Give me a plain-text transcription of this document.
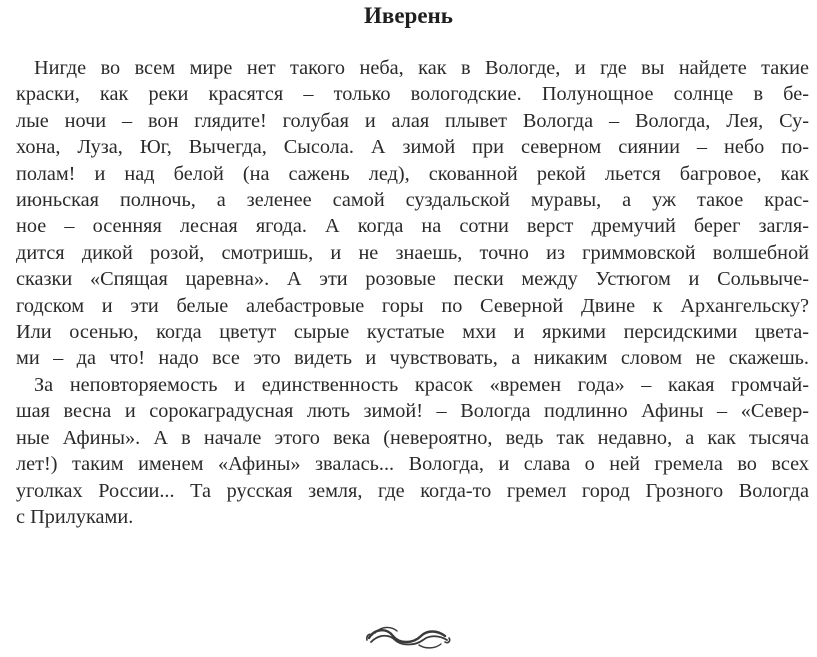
Иверень

Нигде во всем мире нет такого неба, как в Вологде, и где вы найдете такие
краски, как реки красятся – только вологодские. Полунощное солнце в бе-
лые ночи – вон глядите! голубая и алая плывет Вологда – Вологда, Лея, Су-
хона, Луза, Юг, Вычегда, Сысола. А зимой при северном сиянии – небо по-
полам! и над белой (на сажень лед), скованной рекой льется багровое, как
июньская полночь, а зеленее самой суздальской муравы, а уж такое крас-
ное – осенняя лесная ягода. А когда на сотни верст дремучий берег загля-
дится дикой розой, смотришь, и не знаешь, точно из гриммовской волшебной
сказки «Спящая царевна». А эти розовые пески между Устюгом и Сольвыче-
годском и эти белые алебастровые горы по Северной Двине к Архангельску?
Или осенью, когда цветут сырые кустатые мхи и яркими персидскими цвета-
ми – да что! надо все это видеть и чувствовать, а никаким словом не скажешь.

За неповторяемость и единственность красок «времен года» – какая громчай-
шая весна и сорокаградусная лють зимой! – Вологда подлинно Афины – «Север-
ные Афины». А в начале этого века (невероятно, ведь так недавно, а как тысяча
лет!) таким именем «Афины» звалась... Вологда, и слава о ней гремела во всех
уголках России... Та русская земля, где когда-то гремел город Грозного Вологда
с Прилуками.
